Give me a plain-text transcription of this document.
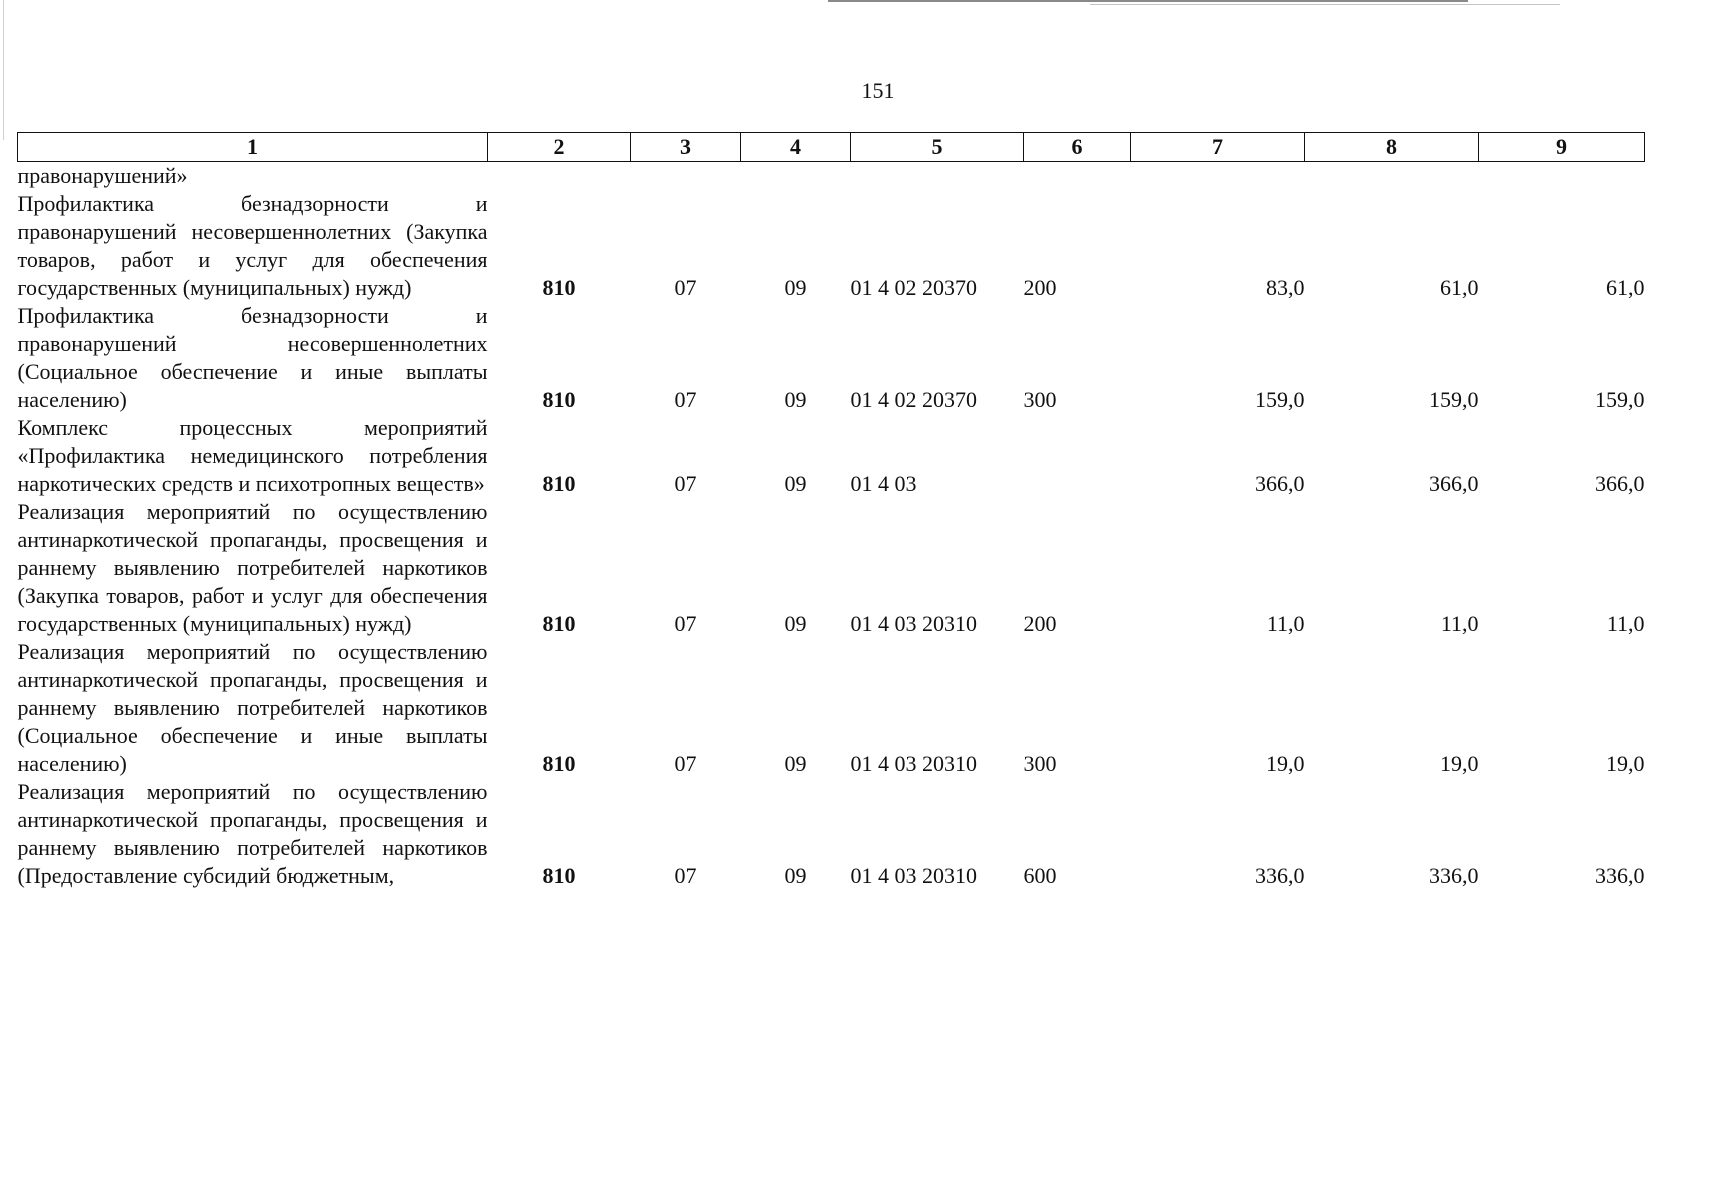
151
1	2	3	4	5	6	7	8	9
правонарушений»								
Профилактика безнадзорности и правонарушений несовершеннолетних (Закупка товаров, работ и услуг для обеспечения государственных (муниципальных) нужд)	810	07	09	01 4 02 20370	200	83,0	61,0	61,0
Профилактика безнадзорности и правонарушений несовершеннолетних (Социальное обеспечение и иные выплаты населению)	810	07	09	01 4 02 20370	300	159,0	159,0	159,0
Комплекс процессных мероприятий «Профилактика немедицинского потребления наркотических средств и психотропных веществ»	810	07	09	01 4 03		366,0	366,0	366,0
Реализация мероприятий по осуществлению антинаркотической пропаганды, просвещения и раннему выявлению потребителей наркотиков (Закупка товаров, работ и услуг для обеспечения государственных (муниципальных) нужд)	810	07	09	01 4 03 20310	200	11,0	11,0	11,0
Реализация мероприятий по осуществлению антинаркотической пропаганды, просвещения и раннему выявлению потребителей наркотиков (Социальное обеспечение и иные выплаты населению)	810	07	09	01 4 03 20310	300	19,0	19,0	19,0
Реализация мероприятий по осуществлению антинаркотической пропаганды, просвещения и раннему выявлению потребителей наркотиков (Предоставление субсидий бюджетным,	810	07	09	01 4 03 20310	600	336,0	336,0	336,0
